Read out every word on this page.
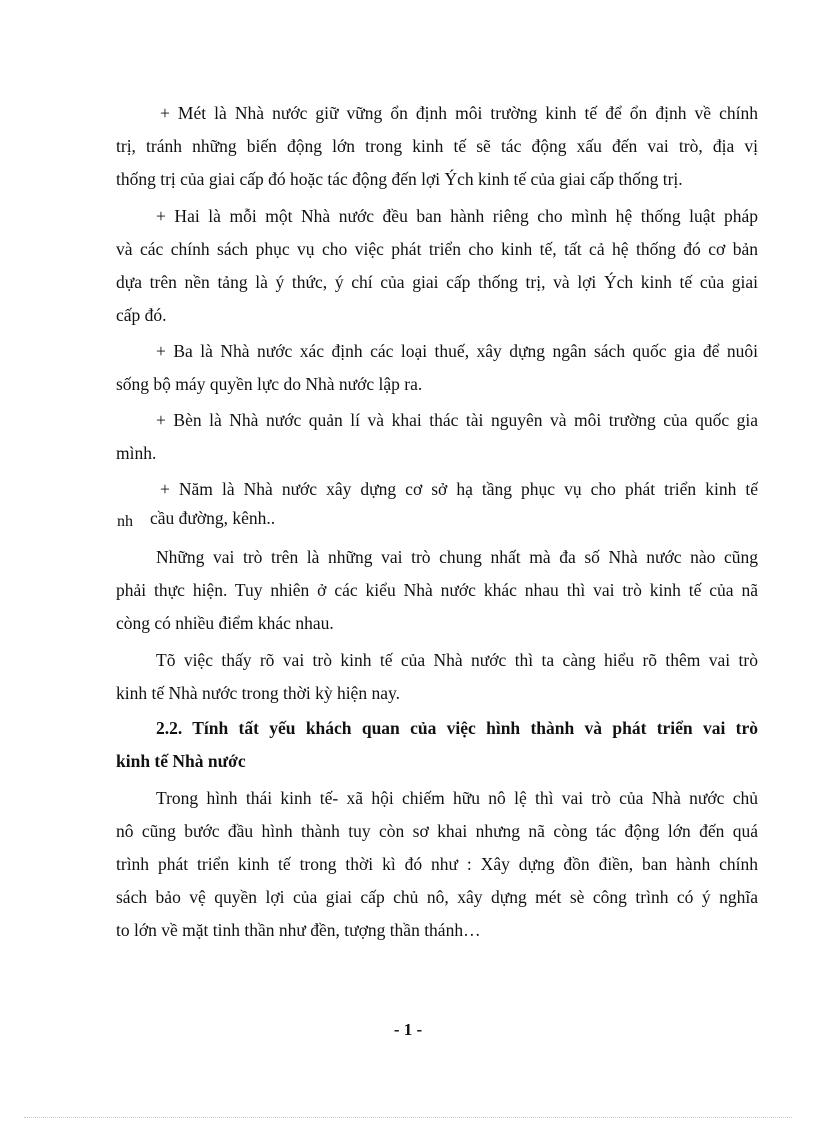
+ Mét là Nhà nước giữ vững ổn định môi trường kinh tế để ổn định về chính
trị, tránh những biến động lớn trong kinh tế sẽ tác động xấu đến vai trò, địa vị
thống trị của giai cấp đó hoặc tác động đến lợi Ých kinh tế của giai cấp thống trị.
+ Hai là mỗi một Nhà nước đều ban hành riêng cho mình hệ thống luật pháp
và các chính sách phục vụ cho việc phát triển cho kinh tế, tất cả hệ thống đó cơ bản
dựa trên nền tảng là ý thức, ý chí của giai cấp thống trị, và lợi Ých kinh tế của giai
cấp đó.
+ Ba là Nhà nước xác định các loại thuế, xây dựng ngân sách quốc gia để nuôi
sống bộ máy quyền lực do Nhà nước lập ra.
+ Bèn là Nhà nước quản lí và khai thác tài nguyên và môi trường của quốc gia
mình.
+ Năm là Nhà nước xây dựng cơ sở hạ tầng phục vụ cho phát triển kinh tế
nh cầu đường, kênh..
Những vai trò trên là những vai trò chung nhất mà đa số Nhà nước nào cũng
phải thực hiện. Tuy nhiên ở các kiểu Nhà nước khác nhau thì vai trò kinh tế của nã
còng có nhiều điểm khác nhau.
Tõ việc thấy rõ vai trò kinh tế của Nhà nước thì ta càng hiểu rõ thêm vai trò
kinh tế Nhà nước trong thời kỳ hiện nay.
2.2. Tính tất yếu khách quan của việc hình thành và phát triển vai trò
kinh tế Nhà nước
Trong hình thái kinh tế- xã hội chiếm hữu nô lệ thì vai trò của Nhà nước chủ
nô cũng bước đầu hình thành tuy còn sơ khai nhưng nã còng tác động lớn đến quá
trình phát triển kinh tế trong thời kì đó như : Xây dựng đồn điền, ban hành chính
sách bảo vệ quyền lợi của giai cấp chủ nô, xây dựng mét sè công trình có ý nghĩa
to lớn về mặt tinh thần như đền, tượng thần thánh…
- 1 -
